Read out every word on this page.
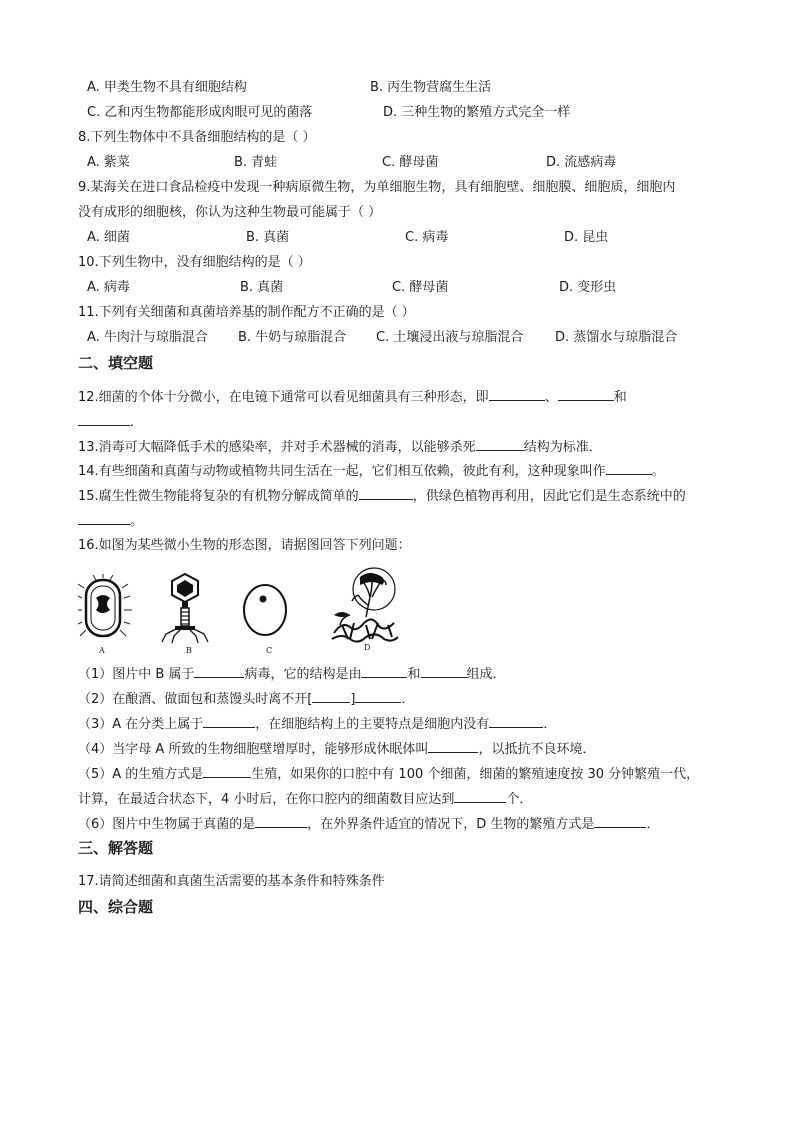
A. 甲类生物不具有细胞结构	B. 丙生物营腐生生活
C. 乙和丙生物都能形成肉眼可见的菌落	D. 三种生物的繁殖方式完全一样
8.下列生物体中不具备细胞结构的是（ ）
A. 紫菜	B. 青蛙	C. 酵母菌	D. 流感病毒
9.某海关在进口食品检疫中发现一种病原微生物，为单细胞生物，具有细胞壁、细胞膜、细胞质，细胞内
没有成形的细胞核，你认为这种生物最可能属于（ ）
A. 细菌	B. 真菌	C. 病毒	D. 昆虫
10.下列生物中，没有细胞结构的是（ ）
A. 病毒	B. 真菌	C. 酵母菌	D. 变形虫
11.下列有关细菌和真菌培养基的制作配方不正确的是（ ）
A. 牛肉汁与琼脂混合 B. 牛奶与琼脂混合 C. 土壤浸出液与琼脂混合 D. 蒸馏水与琼脂混合
二、填空题
12.细菌的个体十分微小，在电镜下通常可以看见细菌具有三种形态，即	、	和
．
13.消毒可大幅降低手术的感染率，并对手术器械的消毒，以能够杀死	结构为标准．
14.有些细菌和真菌与动物或植物共同生活在一起，它们相互依赖，彼此有利，这种现象叫作	。
15.腐生性微生物能将复杂的有机物分解成简单的	，供绿色植物再利用，因此它们是生态系统中的
。
16.如图为某些微小生物的形态图，请据图回答下列问题：
A	B	C	D
（1）图片中 B 属于	病毒，它的结构是由	和	组成．
（2）在酿酒、做面包和蒸馒头时离不开[	]	．
（3）A 在分类上属于	，在细胞结构上的主要特点是细胞内没有	．
（4）当字母 A 所致的生物细胞壁增厚时，能够形成休眠体叫	，以抵抗不良环境．
（5）A 的生殖方式是	生殖，如果你的口腔中有 100 个细菌，细菌的繁殖速度按 30 分钟繁殖一代，
计算，在最适合状态下，4 小时后，在你口腔内的细菌数目应达到	个．
（6）图片中生物属于真菌的是	，在外界条件适宜的情况下，D 生物的繁殖方式是	．
三、解答题
17.请简述细菌和真菌生活需要的基本条件和特殊条件
四、综合题
